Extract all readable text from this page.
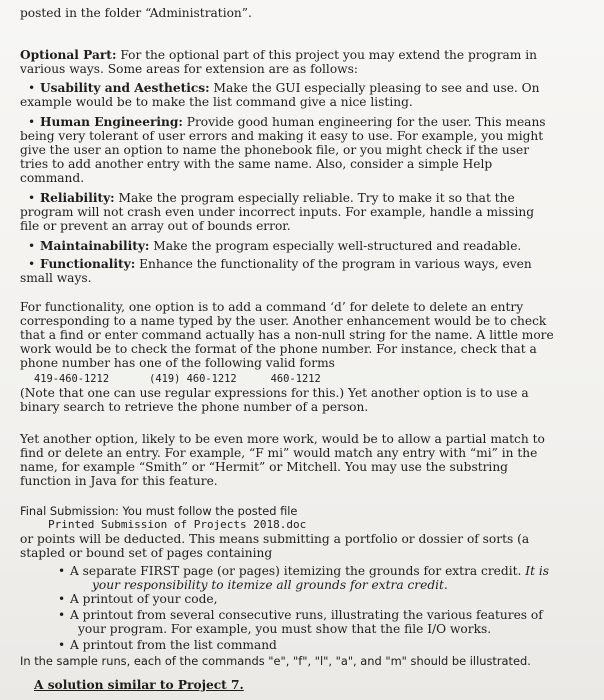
posted in the folder “Administration”.
Optional Part: For the optional part of this project you may extend the program in
various ways. Some areas for extension are as follows:
• Usability and Aesthetics: Make the GUI especially pleasing to see and use. On
example would be to make the list command give a nice listing.
• Human Engineering: Provide good human engineering for the user. This means
being very tolerant of user errors and making it easy to use. For example, you might
give the user an option to name the phonebook file, or you might check if the user
tries to add another entry with the same name. Also, consider a simple Help
command.
• Reliability: Make the program especially reliable. Try to make it so that the
program will not crash even under incorrect inputs. For example, handle a missing
file or prevent an array out of bounds error.
• Maintainability: Make the program especially well-structured and readable.
• Functionality: Enhance the functionality of the program in various ways, even
small ways.
For functionality, one option is to add a command ‘d’ for delete to delete an entry
corresponding to a name typed by the user. Another enhancement would be to check
that a find or enter command actually has a non-null string for the name. A little more
work would be to check the format of the phone number. For instance, check that a
phone number has one of the following valid forms
419-460-1212	(419) 460-1212	460-1212
(Note that one can use regular expressions for this.) Yet another option is to use a
binary search to retrieve the phone number of a person.
Yet another option, likely to be even more work, would be to allow a partial match to
find or delete an entry. For example, “F mi” would match any entry with “mi” in the
name, for example “Smith” or “Hermit” or Mitchell. You may use the substring
function in Java for this feature.
Final Submission: You must follow the posted file
Printed Submission of Projects 2018.doc
or points will be deducted. This means submitting a portfolio or dossier of sorts (a
stapled or bound set of pages containing
• A separate FIRST page (or pages) itemizing the grounds for extra credit. It is
your responsibility to itemize all grounds for extra credit.
• A printout of your code,
• A printout from several consecutive runs, illustrating the various features of
your program. For example, you must show that the file I/O works.
• A printout from the list command
In the sample runs, each of the commands "e", "f", "l", "a", and "m" should be illustrated.
A solution similar to Project 7.
